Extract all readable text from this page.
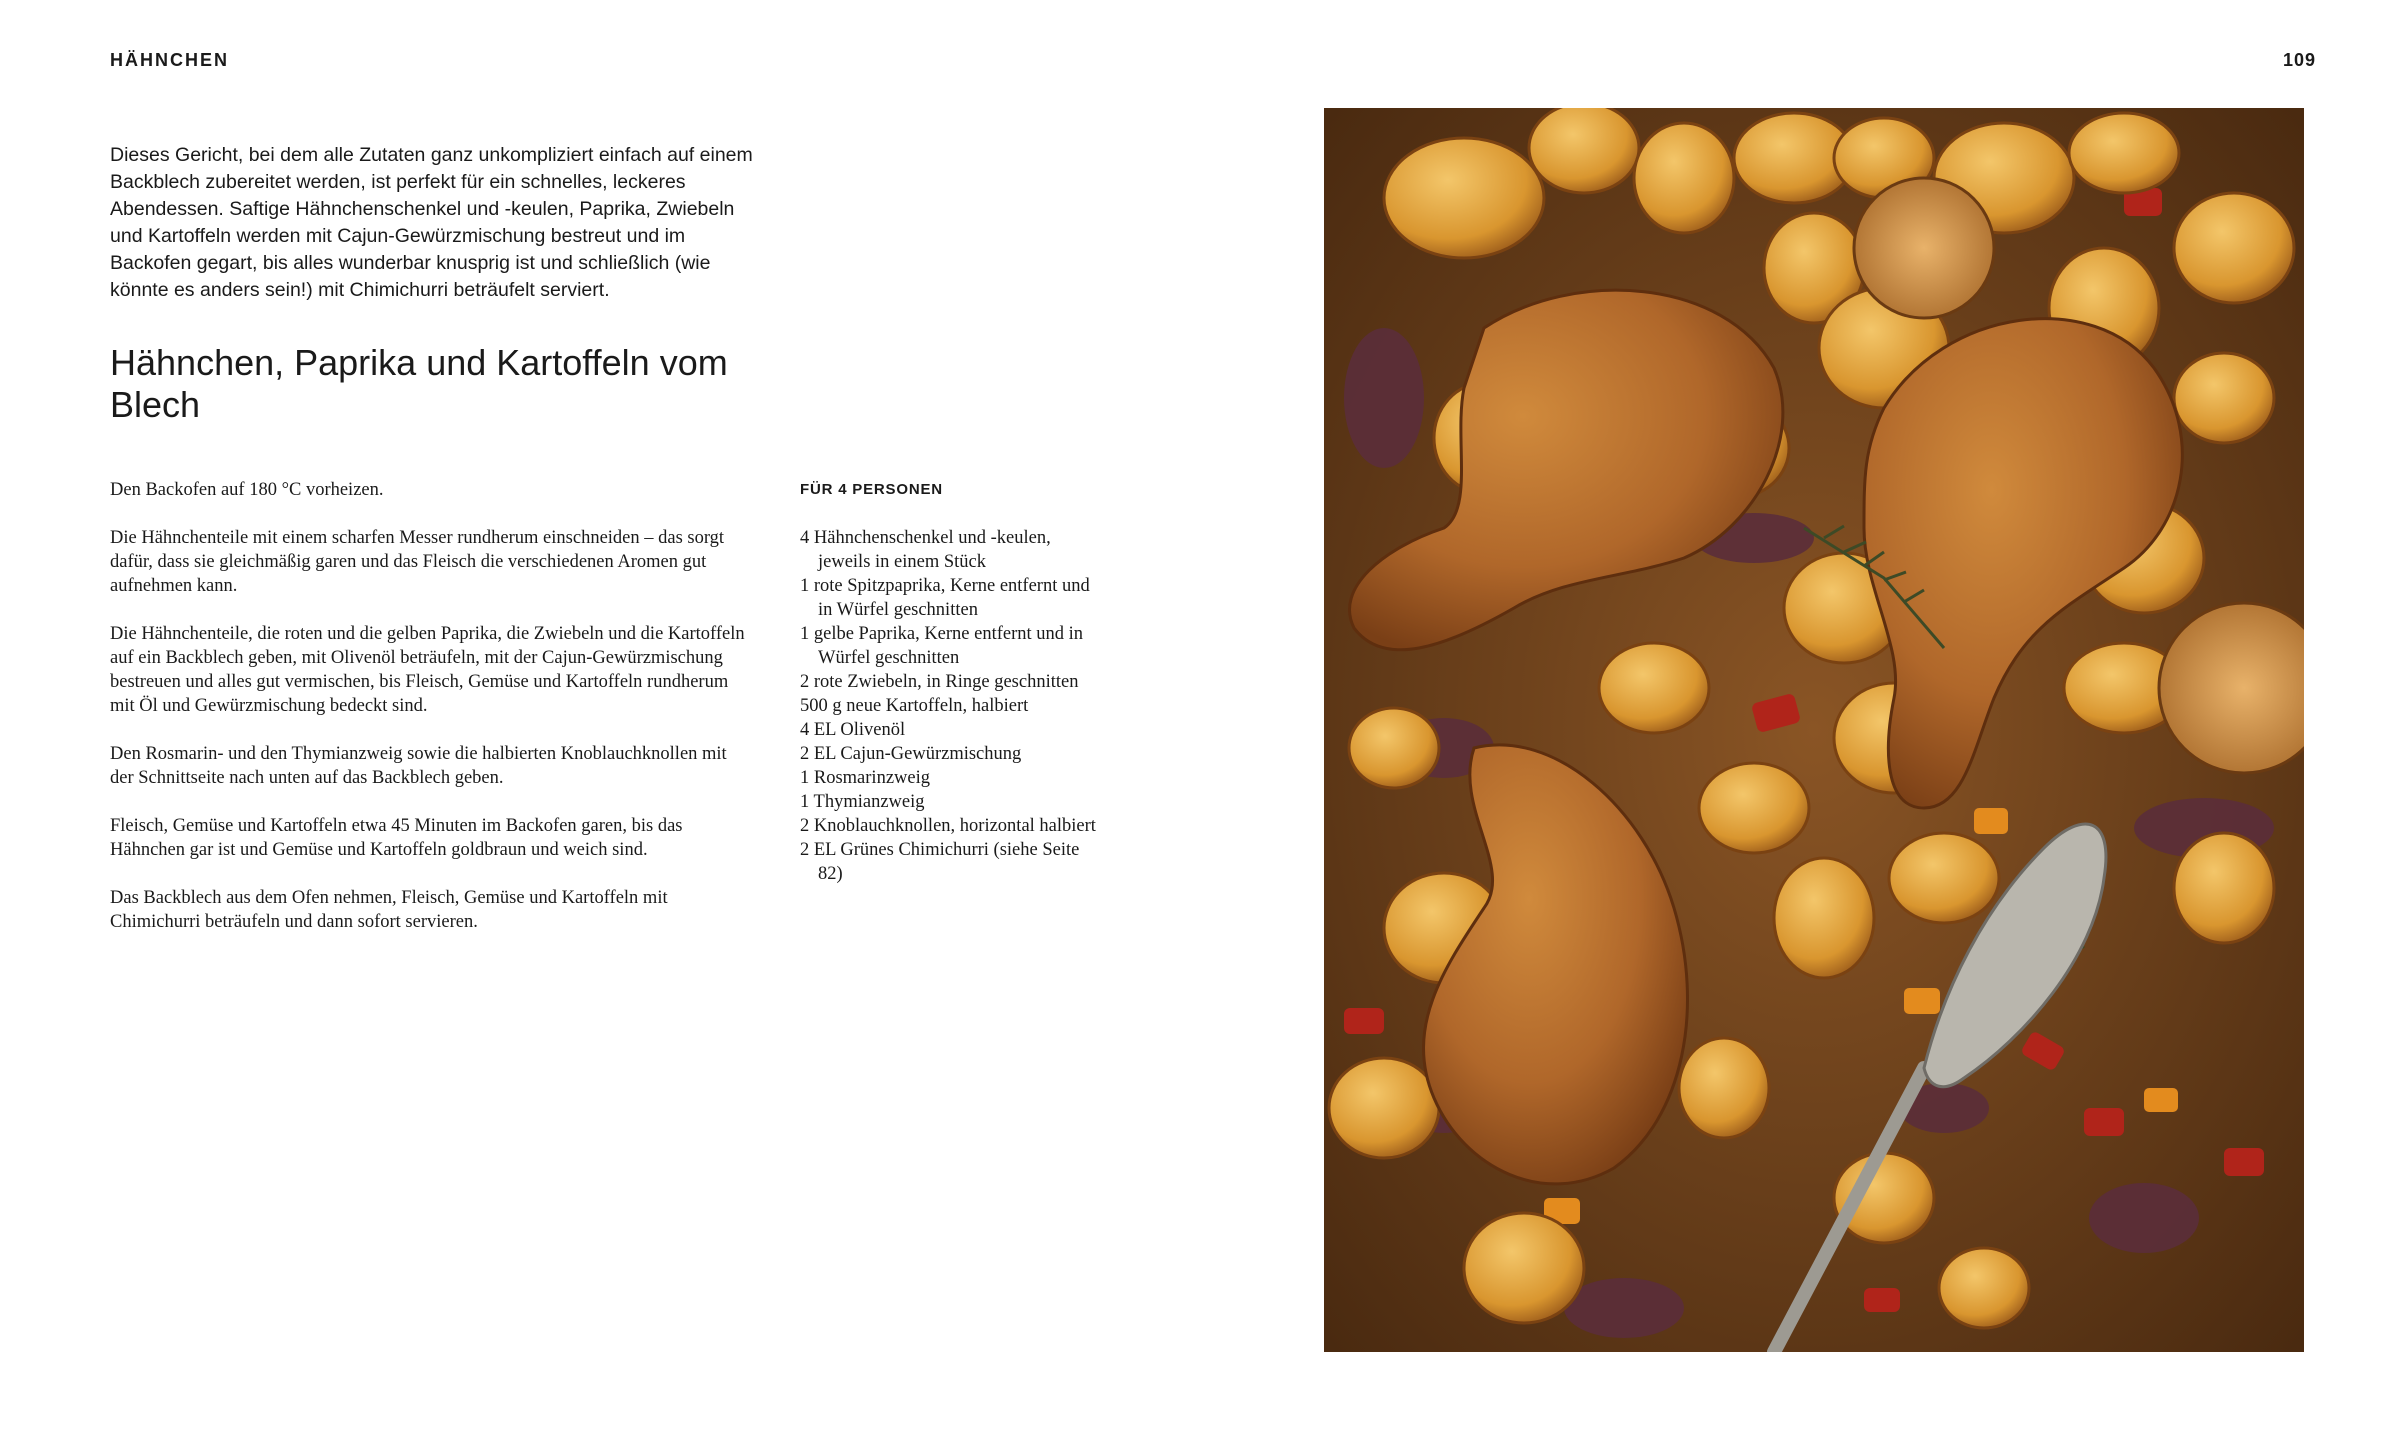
HÄHNCHEN	109

Dieses Gericht, bei dem alle Zutaten ganz unkompliziert einfach auf einem Backblech zubereitet werden, ist perfekt für ein schnelles, leckeres Abendessen. Saftige Hähnchenschenkel und -keulen, Paprika, Zwiebeln und Kartoffeln werden mit Cajun-Gewürzmischung bestreut und im Backofen gegart, bis alles wunderbar knusprig ist und schließlich (wie könnte es anders sein!) mit Chimichurri beträufelt serviert.

Hähnchen, Paprika und Kartoffeln vom Blech

Den Backofen auf 180 °C vorheizen.

Die Hähnchenteile mit einem scharfen Messer rundherum einschneiden – das sorgt dafür, dass sie gleichmäßig garen und das Fleisch die verschiedenen Aromen gut aufnehmen kann.

Die Hähnchenteile, die roten und die gelben Paprika, die Zwiebeln und die Kartoffeln auf ein Backblech geben, mit Olivenöl beträufeln, mit der Cajun-Gewürzmischung bestreuen und alles gut vermischen, bis Fleisch, Gemüse und Kartoffeln rundherum mit Öl und Gewürzmischung bedeckt sind.

Den Rosmarin- und den Thymianzweig sowie die halbierten Knoblauchknollen mit der Schnittseite nach unten auf das Backblech geben.

Fleisch, Gemüse und Kartoffeln etwa 45 Minuten im Backofen garen, bis das Hähnchen gar ist und Gemüse und Kartoffeln goldbraun und weich sind.

Das Backblech aus dem Ofen nehmen, Fleisch, Gemüse und Kartoffeln mit Chimichurri beträufeln und dann sofort servieren.

FÜR 4 PERSONEN
4 Hähnchenschenkel und -keulen, jeweils in einem Stück
1 rote Spitzpaprika, Kerne entfernt und in Würfel geschnitten
1 gelbe Paprika, Kerne entfernt und in Würfel geschnitten
2 rote Zwiebeln, in Ringe geschnitten
500 g neue Kartoffeln, halbiert
4 EL Olivenöl
2 EL Cajun-Gewürzmischung
1 Rosmarinzweig
1 Thymianzweig
2 Knoblauchknollen, horizontal halbiert
2 EL Grünes Chimichurri (siehe Seite 82)
